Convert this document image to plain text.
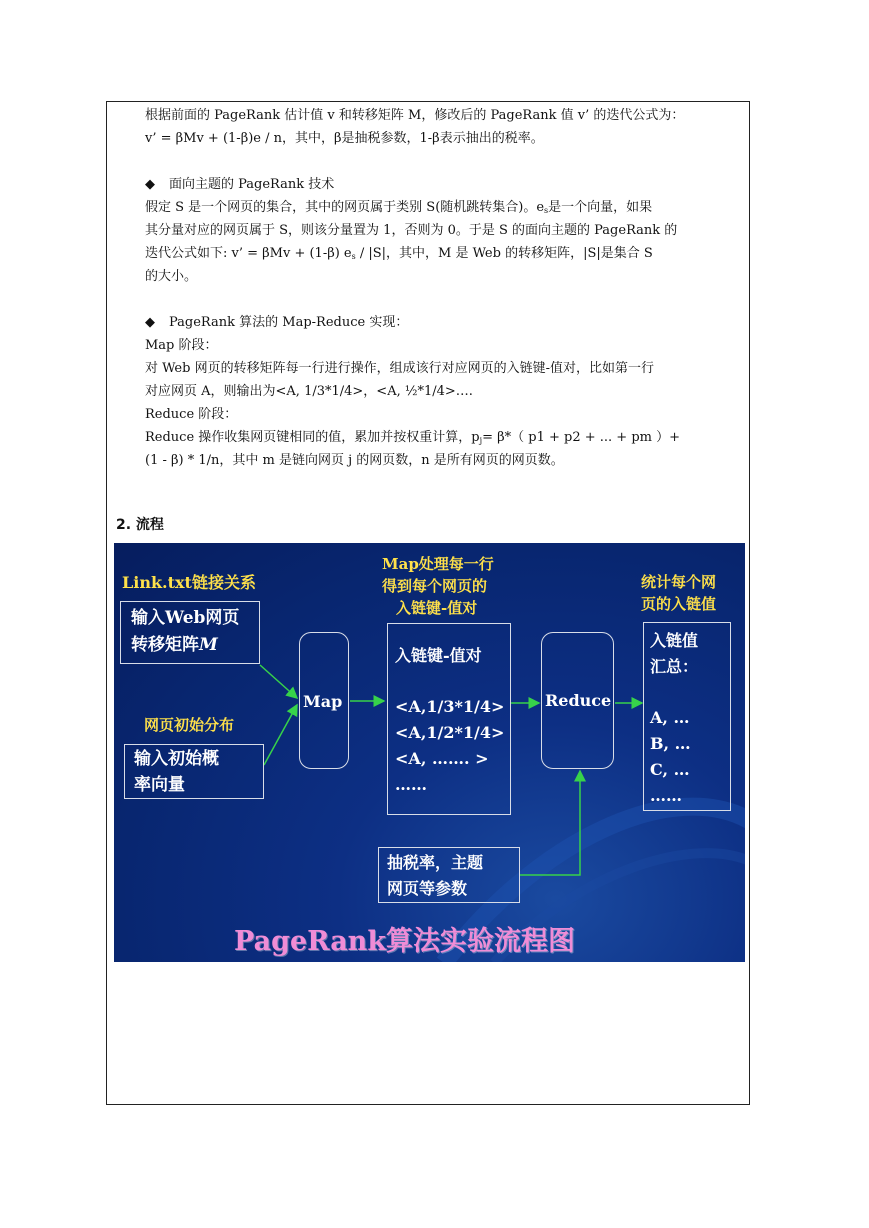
根据前面的 PageRank 估计值 v 和转移矩阵 M，修改后的 PageRank 值 v’ 的迭代公式为：
v’ = βMv + (1-β)e / n，其中，β是抽税参数，1-β表示抽出的税率。
◆ 面向主题的 PageRank 技术
假定 S 是一个网页的集合，其中的网页属于类别 S(随机跳转集合)。$e_s$是一个向量，如果
其分量对应的网页属于 S，则该分量置为 1，否则为 0。于是 S 的面向主题的 PageRank 的
迭代公式如下: v’ = βMv + (1-β) $e_s / |S|$，其中，M 是 Web 的转移矩阵，|S|是集合 S
的大小。
◆ PageRank 算法的 Map-Reduce 实现：
Map 阶段：
对 Web 网页的转移矩阵每一行进行操作，组成该行对应网页的入链键-值对，比如第一行
对应网页 A，则输出为<A, 1/3*1/4>，<A, ½*1/4>….
Reduce 阶段：
Reduce 操作收集网页键相同的值，累加并按权重计算，$p_j= \beta*$（ p1 + p2 + ... + pm ）+
(1 - β) * 1/n，其中 m 是链向网页 j 的网页数，n 是所有网页的网页数。
2. 流程
Link.txt链接关系
输入Web网页
转移矩阵M
网页初始分布
输入初始概
率向量
Map
Map处理每一行
得到每个网页的
入链键-值对
入链键-值对
<A,1/3*1/4>
<A,1/2*1/4>
<A, ……. >
……
Reduce
统计每个网
页的入链值
入链值
汇总：
A, …
B, …
C, …
……
抽税率，主题
网页等参数
PageRank算法实验流程图
